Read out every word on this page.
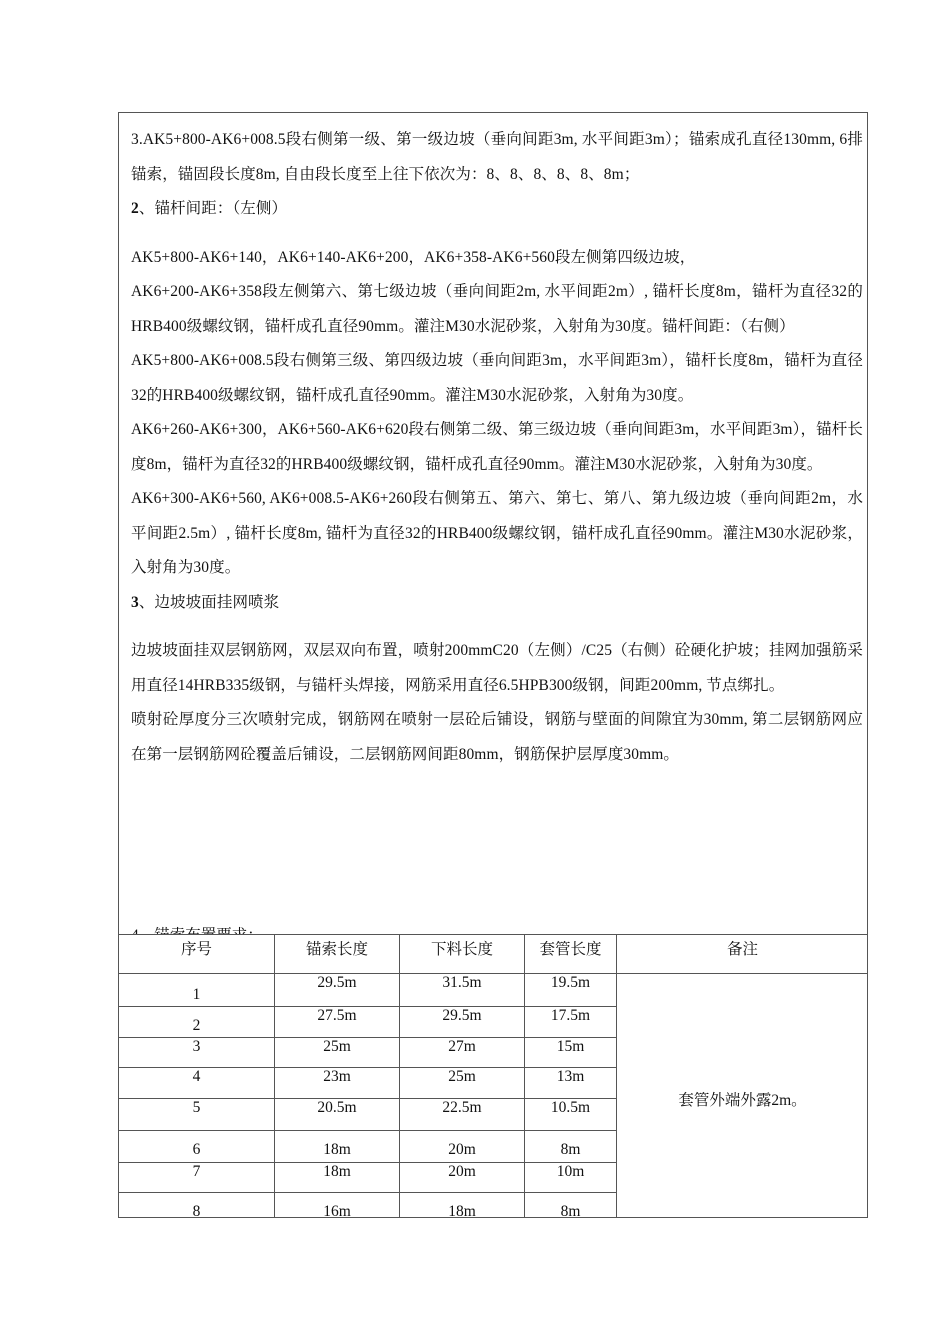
3.AK5+800-AK6+008.5段右侧第一级、第一级边坡（垂向间距3m, 水平间距3m）；锚索成孔直径130mm, 6排锚索，锚固段长度8m, 自由段长度至上往下依次为：8、8、8、8、8、8m；

2、锚杆间距：（左侧）

AK5+800-AK6+140，AK6+140-AK6+200，AK6+358-AK6+560段左侧第四级边坡，

AK6+200-AK6+358段左侧第六、第七级边坡（垂向间距2m, 水平间距2m）, 锚杆长度8m，锚杆为直径32的HRB400级螺纹钢，锚杆成孔直径90mm。灌注M30水泥砂浆，入射角为30度。锚杆间距：（右侧）

AK5+800-AK6+008.5段右侧第三级、第四级边坡（垂向间距3m，水平间距3m），锚杆长度8m，锚杆为直径32的HRB400级螺纹钢，锚杆成孔直径90mm。灌注M30水泥砂浆，入射角为30度。

AK6+260-AK6+300，AK6+560-AK6+620段右侧第二级、第三级边坡（垂向间距3m，水平间距3m），锚杆长度8m，锚杆为直径32的HRB400级螺纹钢，锚杆成孔直径90mm。灌注M30水泥砂浆，入射角为30度。

AK6+300-AK6+560, AK6+008.5-AK6+260段右侧第五、第六、第七、第八、第九级边坡（垂向间距2m，水平间距2.5m）, 锚杆长度8m, 锚杆为直径32的HRB400级螺纹钢，锚杆成孔直径90mm。灌注M30水泥砂浆，入射角为30度。

3、边坡坡面挂网喷浆

边坡坡面挂双层钢筋网，双层双向布置，喷射200mmC20（左侧）/C25（右侧）砼硬化护坡；挂网加强筋采用直径14HRB335级钢，与锚杆头焊接，网筋采用直径6.5HPB300级钢，间距200mm, 节点绑扎。

喷射砼厚度分三次喷射完成，钢筋网在喷射一层砼后铺设，钢筋与壁面的间隙宜为30mm, 第二层钢筋网应在第一层钢筋网砼覆盖后铺设，二层钢筋网间距80mm，钢筋保护层厚度30mm。

序号	锚索长度	下料长度	套管长度	备注
1	29.5m	31.5m	19.5m	套管外端外露2m。
2	27.5m	29.5m	17.5m	
3	25m	27m	15m	
4	23m	25m	13m	
5	20.5m	22.5m	10.5m	
6	18m	20m	8m	
7	18m	20m	10m	
8	16m	18m	8m	
